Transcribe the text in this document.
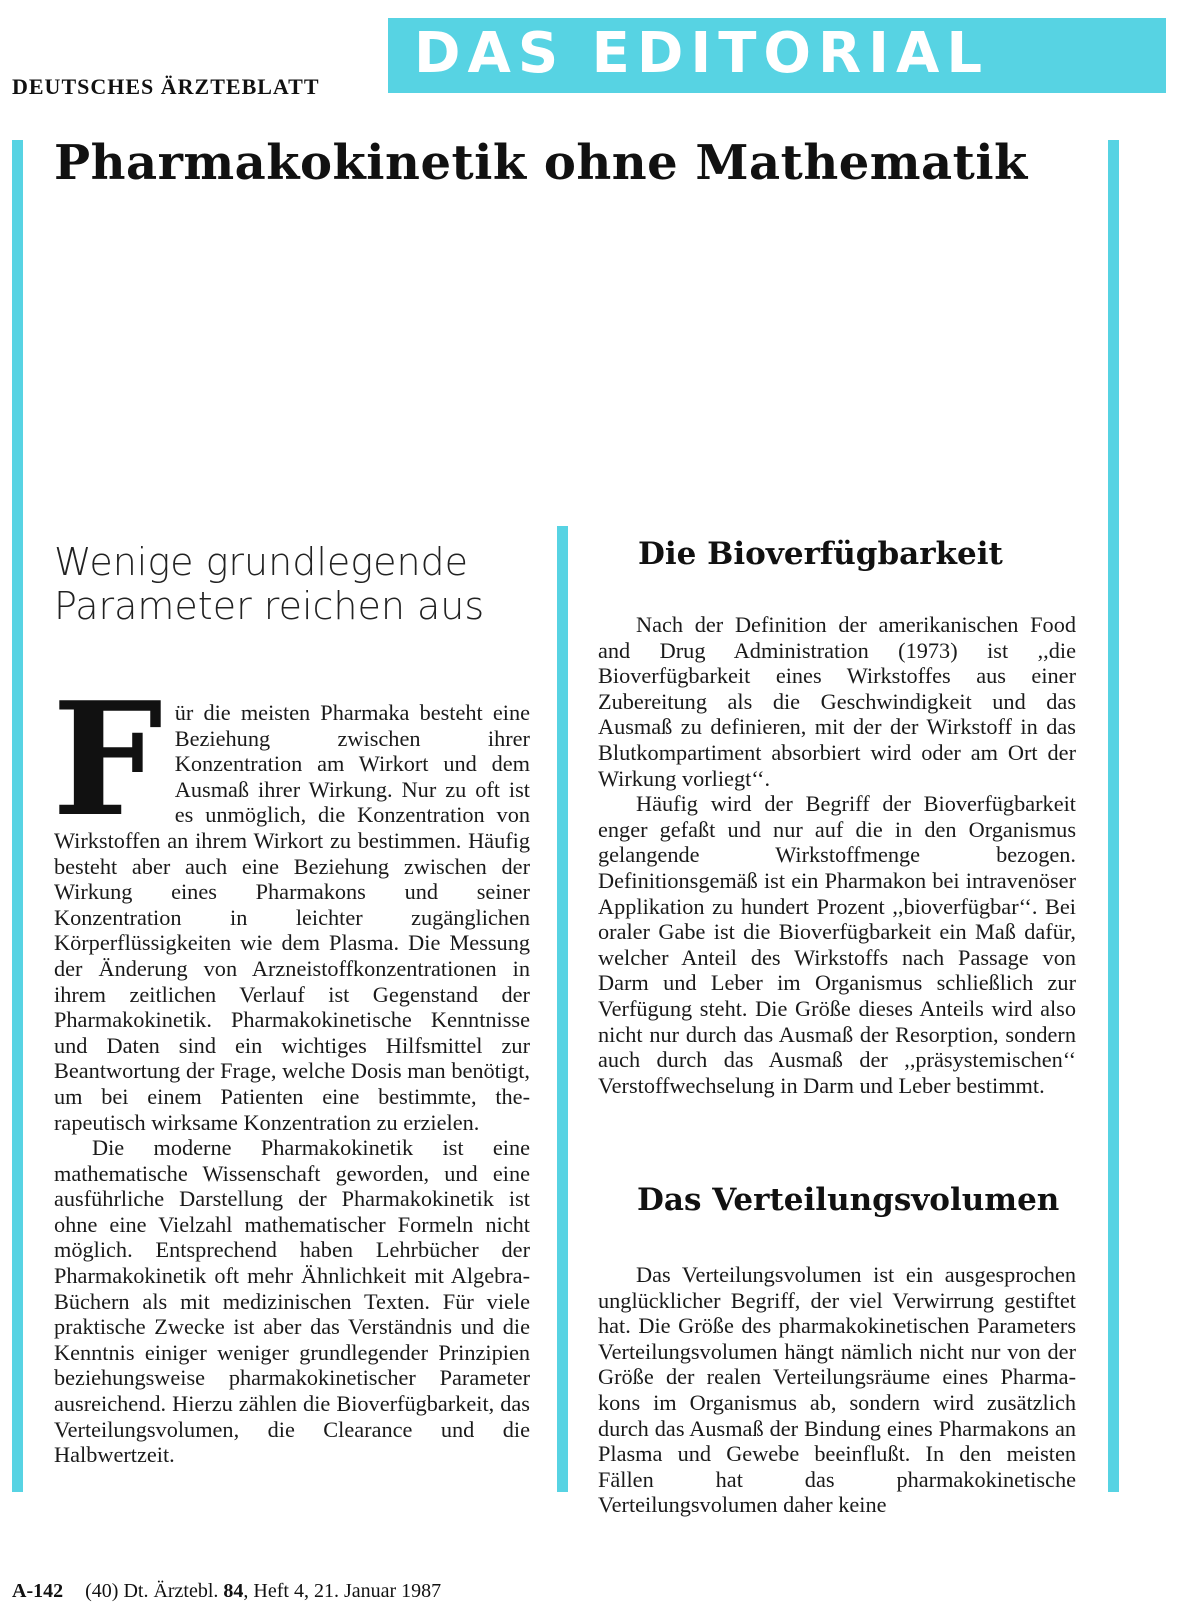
DEUTSCHES ÄRZTEBLATT
DAS EDITORIAL
Pharmakokinetik ohne Mathematik
Wenige grundlegende Parameter reichen aus

Für die meisten Pharmaka besteht eine Beziehung zwischen ihrer Konzentration am Wirkort und dem Ausmaß ihrer Wirkung. Nur zu oft ist es unmöglich, die Konzentration von Wirkstoffen an ihrem Wirkort zu bestimmen. Häufig besteht aber auch eine Beziehung zwischen der Wirkung eines Pharmakons und seiner Konzentration in leichter zugänglichen Körperflüssigkeiten wie dem Plasma. Die Messung der Änderung von Arzneistoffkonzentrationen in ihrem zeitlichen Verlauf ist Gegenstand der Pharmakokinetik. Pharmakokinetische Kenntnisse und Daten sind ein wichtiges Hilfsmittel zur Beantwortung der Frage, welche Dosis man benötigt, um bei einem Patienten eine bestimmte, therapeutisch wirksame Konzentration zu erzielen.

Die moderne Pharmakokinetik ist eine mathematische Wissenschaft geworden, und eine ausführliche Darstellung der Pharmakokinetik ist ohne eine Vielzahl mathematischer Formeln nicht möglich. Entsprechend haben Lehrbücher der Pharmakokinetik oft mehr Ähnlichkeit mit Algebra-Büchern als mit medizinischen Texten. Für viele praktische Zwecke ist aber das Verständnis und die Kenntnis einiger weniger grundlegender Prinzipien beziehungsweise pharmakokinetischer Parameter ausreichend. Hierzu zählen die Bioverfügbarkeit, das Verteilungsvolumen, die Clearance und die Halbwertzeit.

Die Bioverfügbarkeit

Nach der Definition der amerikanischen Food and Drug Administration (1973) ist ,,die Bioverfügbarkeit eines Wirkstoffes aus einer Zubereitung als die Geschwindigkeit und das Ausmaß zu definieren, mit der der Wirkstoff in das Blutkompartiment absorbiert wird oder am Ort der Wirkung vorliegt‘‘.

Häufig wird der Begriff der Bioverfügbarkeit enger gefaßt und nur auf die in den Organismus gelangende Wirkstoffmenge bezogen. Definitionsgemäß ist ein Pharmakon bei intravenöser Applikation zu hundert Prozent ,,bioverfügbar‘‘. Bei oraler Gabe ist die Bioverfügbarkeit ein Maß dafür, welcher Anteil des Wirkstoffs nach Passage von Darm und Leber im Organismus schließlich zur Verfügung steht. Die Größe dieses Anteils wird also nicht nur durch das Ausmaß der Resorption, sondern auch durch das Ausmaß der ,,präsystemischen‘‘ Verstoffwechselung in Darm und Leber bestimmt.

Das Verteilungsvolumen

Das Verteilungsvolumen ist ein ausgesprochen unglücklicher Begriff, der viel Verwirrung gestiftet hat. Die Größe des pharmakokinetischen Parameters Verteilungsvolumen hängt nämlich nicht nur von der Größe der realen Verteilungsräume eines Pharmakons im Organismus ab, sondern wird zusätzlich durch das Ausmaß der Bindung eines Pharmakons an Plasma und Gewebe beeinflußt. In den meisten Fällen hat das pharmakokinetische Verteilungsvolumen daher keine

A-142 (40) Dt. Ärztebl. 84, Heft 4, 21. Januar 1987
